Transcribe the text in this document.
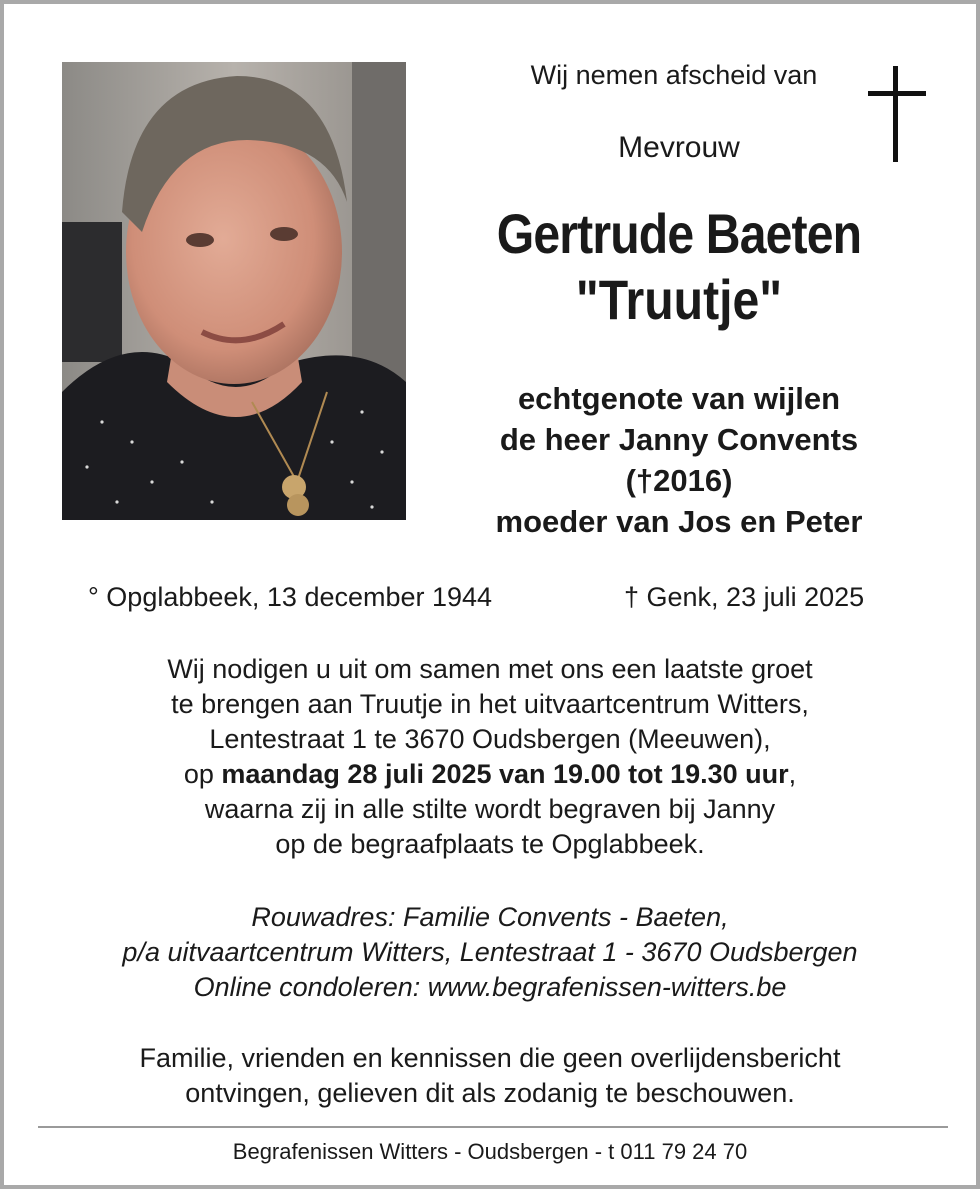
Wij nemen afscheid van
Mevrouw
Gertrude Baeten
"Truutje"
echtgenote van wijlen
de heer Janny Convents
(†2016)
moeder van Jos en Peter
° Opglabbeek, 13 december 1944	† Genk, 23 juli 2025
Wij nodigen u uit om samen met ons een laatste groet
te brengen aan Truutje in het uitvaartcentrum Witters,
Lentestraat 1 te 3670 Oudsbergen (Meeuwen),
op maandag 28 juli 2025 van 19.00 tot 19.30 uur,
waarna zij in alle stilte wordt begraven bij Janny
op de begraafplaats te Opglabbeek.
Rouwadres: Familie Convents - Baeten,
p/a uitvaartcentrum Witters, Lentestraat 1 - 3670 Oudsbergen
Online condoleren: www.begrafenissen-witters.be
Familie, vrienden en kennissen die geen overlijdensbericht
ontvingen, gelieven dit als zodanig te beschouwen.
Begrafenissen Witters - Oudsbergen - t 011 79 24 70
